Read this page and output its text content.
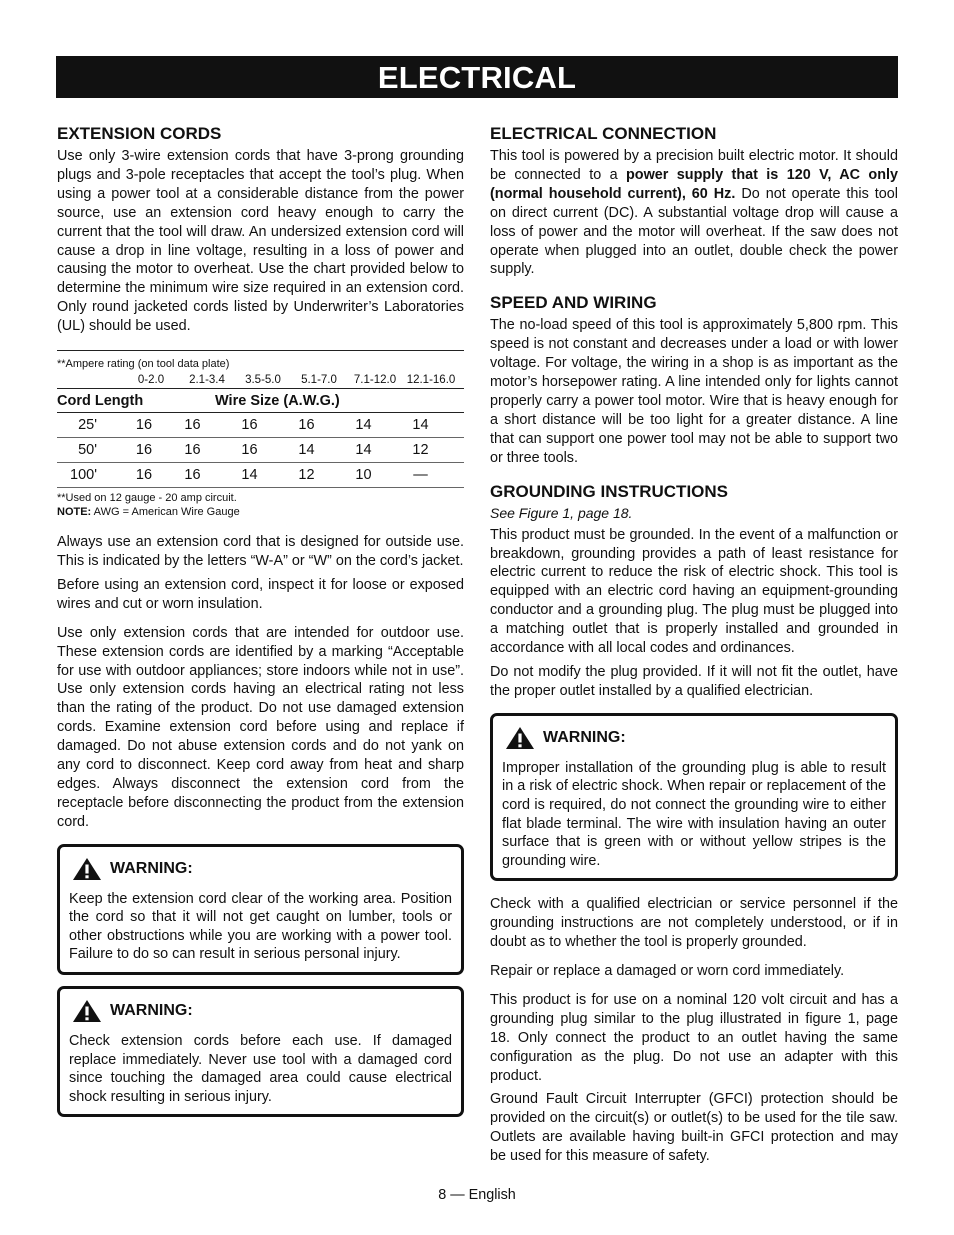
ELECTRICAL
EXTENSION CORDS

Use only 3-wire extension cords that have 3-prong grounding plugs and 3-pole receptacles that accept the tool’s plug. When using a power tool at a considerable distance from the power source, use an extension cord heavy enough to carry the current that the tool will draw. An undersized extension cord will cause a drop in line voltage, resulting in a loss of power and causing the motor to overheat. Use the chart provided below to determine the minimum wire size required in an extension cord. Only round jacketed cords listed by Underwriter’s Laboratories (UL) should be used.

**Ampere rating (on tool data plate)
0-2.0	2.1-3.4	3.5-5.0	5.1-7.0	7.1-12.0 12.1-16.0
Cord Length	Wire Size (A.W.G.)
25'	16	16	16	16	14	14
50'	16	16	16	14	14	12
100'	16	16	14	12	10	—
**Used on 12 gauge - 20 amp circuit.
NOTE: AWG = American Wire Gauge

Always use an extension cord that is designed for outside use. This is indicated by the letters “W-A” or “W” on the cord’s jacket.

Before using an extension cord, inspect it for loose or exposed wires and cut or worn insulation.

Use only extension cords that are intended for outdoor use. These extension cords are identified by a marking “Acceptable for use with outdoor appliances; store indoors while not in use”. Use only extension cords having an electrical rating not less than the rating of the product. Do not use damaged extension cords. Examine extension cord before using and replace if damaged. Do not abuse extension cords and do not yank on any cord to disconnect. Keep cord away from heat and sharp edges. Always disconnect the extension cord from the receptacle before disconnecting the product from the extension cord.

WARNING:

Keep the extension cord clear of the working area. Position the cord so that it will not get caught on lumber, tools or other obstructions while you are working with a power tool. Failure to do so can result in serious personal injury.

WARNING:

Check extension cords before each use. If damaged replace immediately. Never use tool with a damaged cord since touching the damaged area could cause electrical shock resulting in serious injury.

ELECTRICAL CONNECTION

This tool is powered by a precision built electric motor. It should be connected to a power supply that is 120 V, AC only (normal household current), 60 Hz. Do not operate this tool on direct current (DC). A substantial voltage drop will cause a loss of power and the motor will overheat. If the saw does not operate when plugged into an outlet, double check the power supply.

SPEED AND WIRING

The no-load speed of this tool is approximately 5,800 rpm. This speed is not constant and decreases under a load or with lower voltage. For voltage, the wiring in a shop is as important as the motor’s horsepower rating. A line intended only for lights cannot properly carry a power tool motor. Wire that is heavy enough for a short distance will be too light for a greater distance. A line that can support one power tool may not be able to support two or three tools.

GROUNDING INSTRUCTIONS
See Figure 1, page 18.

This product must be grounded. In the event of a malfunction or breakdown, grounding provides a path of least resistance for electric current to reduce the risk of electric shock. This tool is equipped with an electric cord having an equipment-grounding conductor and a grounding plug. The plug must be plugged into a matching outlet that is properly installed and grounded in accordance with all local codes and ordinances.

Do not modify the plug provided. If it will not fit the outlet, have the proper outlet installed by a qualified electrician.

WARNING:

Improper installation of the grounding plug is able to result in a risk of electric shock. When repair or replacement of the cord is required, do not connect the grounding wire to either flat blade terminal. The wire with insulation having an outer surface that is green with or without yellow stripes is the grounding wire.

Check with a qualified electrician or service personnel if the grounding instructions are not completely understood, or if in doubt as to whether the tool is properly grounded.

Repair or replace a damaged or worn cord immediately.

This product is for use on a nominal 120 volt circuit and has a grounding plug similar to the plug illustrated in figure 1, page 18. Only connect the product to an outlet having the same configuration as the plug. Do not use an adapter with this product.

Ground Fault Circuit Interrupter (GFCI) protection should be provided on the circuit(s) or outlet(s) to be used for the tile saw. Outlets are available having built-in GFCI protection and may be used for this measure of safety.

8 — English
